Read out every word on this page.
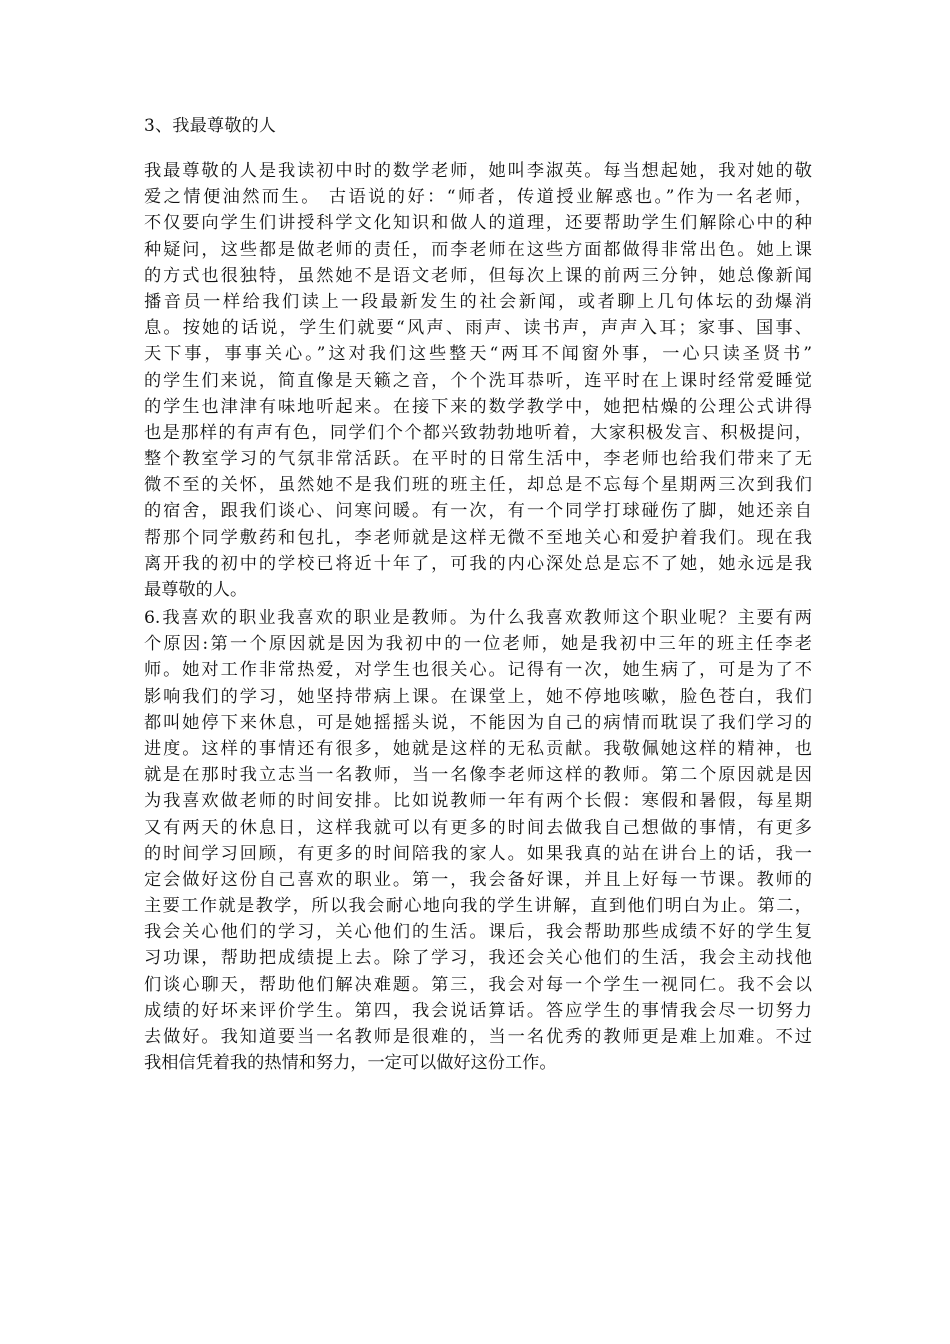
3、我最尊敬的人
我最尊敬的人是我读初中时的数学老师，她叫李淑英。每当想起她，我对她的敬
爱之情便油然而生。 古语说的好：“师者，传道授业解惑也。”作为一名老师，
不仅要向学生们讲授科学文化知识和做人的道理，还要帮助学生们解除心中的种
种疑问，这些都是做老师的责任，而李老师在这些方面都做得非常出色。她上课
的方式也很独特，虽然她不是语文老师，但每次上课的前两三分钟，她总像新闻
播音员一样给我们读上一段最新发生的社会新闻，或者聊上几句体坛的劲爆消
息。按她的话说，学生们就要“风声、雨声、读书声，声声入耳；家事、国事、
天下事，事事关心。”这对我们这些整天“两耳不闻窗外事，一心只读圣贤书”
的学生们来说，简直像是天籁之音，个个洗耳恭听，连平时在上课时经常爱睡觉
的学生也津津有味地听起来。在接下来的数学教学中，她把枯燥的公理公式讲得
也是那样的有声有色，同学们个个都兴致勃勃地听着，大家积极发言、积极提问，
整个教室学习的气氛非常活跃。在平时的日常生活中，李老师也给我们带来了无
微不至的关怀，虽然她不是我们班的班主任，却总是不忘每个星期两三次到我们
的宿舍，跟我们谈心、问寒问暖。有一次，有一个同学打球碰伤了脚，她还亲自
帮那个同学敷药和包扎，李老师就是这样无微不至地关心和爱护着我们。现在我
离开我的初中的学校已将近十年了，可我的内心深处总是忘不了她，她永远是我
最尊敬的人。
6.我喜欢的职业我喜欢的职业是教师。为什么我喜欢教师这个职业呢？主要有两
个原因:第一个原因就是因为我初中的一位老师，她是我初中三年的班主任李老
师。她对工作非常热爱，对学生也很关心。记得有一次，她生病了，可是为了不
影响我们的学习，她坚持带病上课。在课堂上，她不停地咳嗽，脸色苍白，我们
都叫她停下来休息，可是她摇摇头说，不能因为自己的病情而耽误了我们学习的
进度。这样的事情还有很多，她就是这样的无私贡献。我敬佩她这样的精神，也
就是在那时我立志当一名教师，当一名像李老师这样的教师。第二个原因就是因
为我喜欢做老师的时间安排。比如说教师一年有两个长假：寒假和暑假，每星期
又有两天的休息日，这样我就可以有更多的时间去做我自己想做的事情，有更多
的时间学习回顾，有更多的时间陪我的家人。如果我真的站在讲台上的话，我一
定会做好这份自己喜欢的职业。第一，我会备好课，并且上好每一节课。教师的
主要工作就是教学，所以我会耐心地向我的学生讲解，直到他们明白为止。第二，
我会关心他们的学习，关心他们的生活。课后，我会帮助那些成绩不好的学生复
习功课，帮助把成绩提上去。除了学习，我还会关心他们的生活，我会主动找他
们谈心聊天，帮助他们解决难题。第三，我会对每一个学生一视同仁。我不会以
成绩的好坏来评价学生。第四，我会说话算话。答应学生的事情我会尽一切努力
去做好。我知道要当一名教师是很难的，当一名优秀的教师更是难上加难。不过
我相信凭着我的热情和努力，一定可以做好这份工作。
